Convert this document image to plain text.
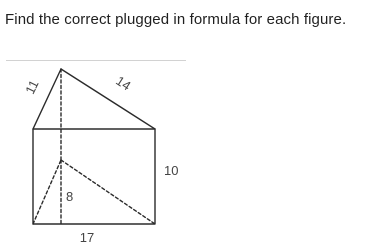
Find the correct plugged in formula for each figure.

11	14
8
10
17
